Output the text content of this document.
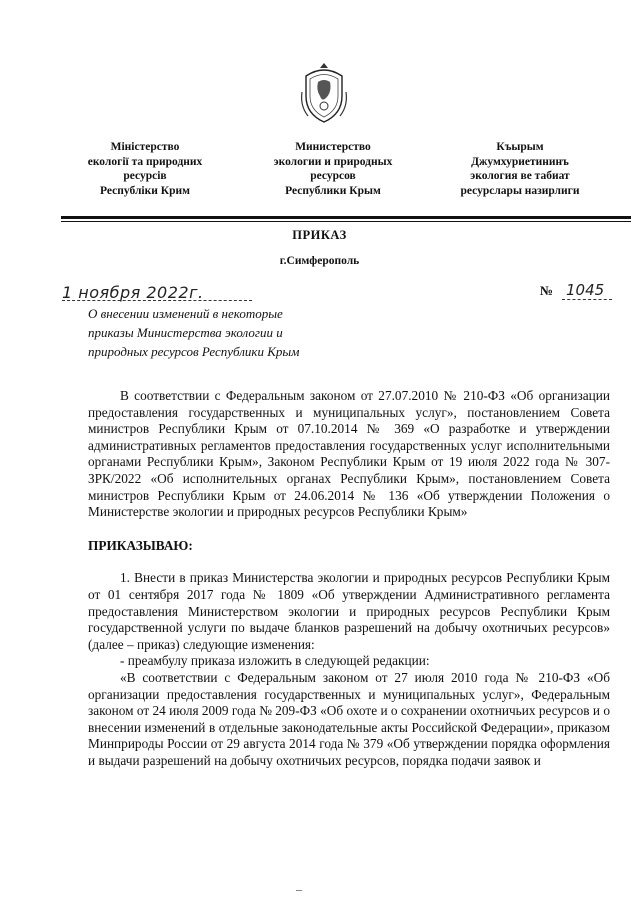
Міністерство
екології та природних
ресурсів
Республіки Крим
Министерство
экологии и природных
ресурсов
Республики Крым
Къырым
Джумхуриетининъ
экология ве табиат
ресурслары назирлиги
ПРИКАЗ
г.Симферополь
1 ноября 2022г.	№ 1045
О внесении изменений в некоторые
приказы Министерства экологии и
природных ресурсов Республики Крым

В соответствии с Федеральным законом от 27.07.2010 № 210-ФЗ «Об организации предоставления государственных и муниципальных услуг», постановлением Совета министров Республики Крым от 07.10.2014 № 369 «О разработке и утверждении административных регламентов предоставления государственных услуг исполнительными органами Республики Крым», Законом Республики Крым от 19 июля 2022 года № 307-ЗРК/2022 «Об исполнительных органах Республики Крым», постановлением Совета министров Республики Крым от 24.06.2014 № 136 «Об утверждении Положения о Министерстве экологии и природных ресурсов Республики Крым»

ПРИКАЗЫВАЮ:

1. Внести в приказ Министерства экологии и природных ресурсов Республики Крым от 01 сентября 2017 года № 1809 «Об утверждении Административного регламента предоставления Министерством экологии и природных ресурсов Республики Крым государственной услуги по выдаче бланков разрешений на добычу охотничьих ресурсов» (далее – приказ) следующие изменения:

- преамбулу приказа изложить в следующей редакции:

«В соответствии с Федеральным законом от 27 июля 2010 года № 210-ФЗ «Об организации предоставления государственных и муниципальных услуг», Федеральным законом от 24 июля 2009 года № 209-ФЗ «Об охоте и о сохранении охотничьих ресурсов и о внесении изменений в отдельные законодательные акты Российской Федерации», приказом Минприроды России от 29 августа 2014 года № 379 «Об утверждении порядка оформления и выдачи разрешений на добычу охотничьих ресурсов, порядка подачи заявок и
